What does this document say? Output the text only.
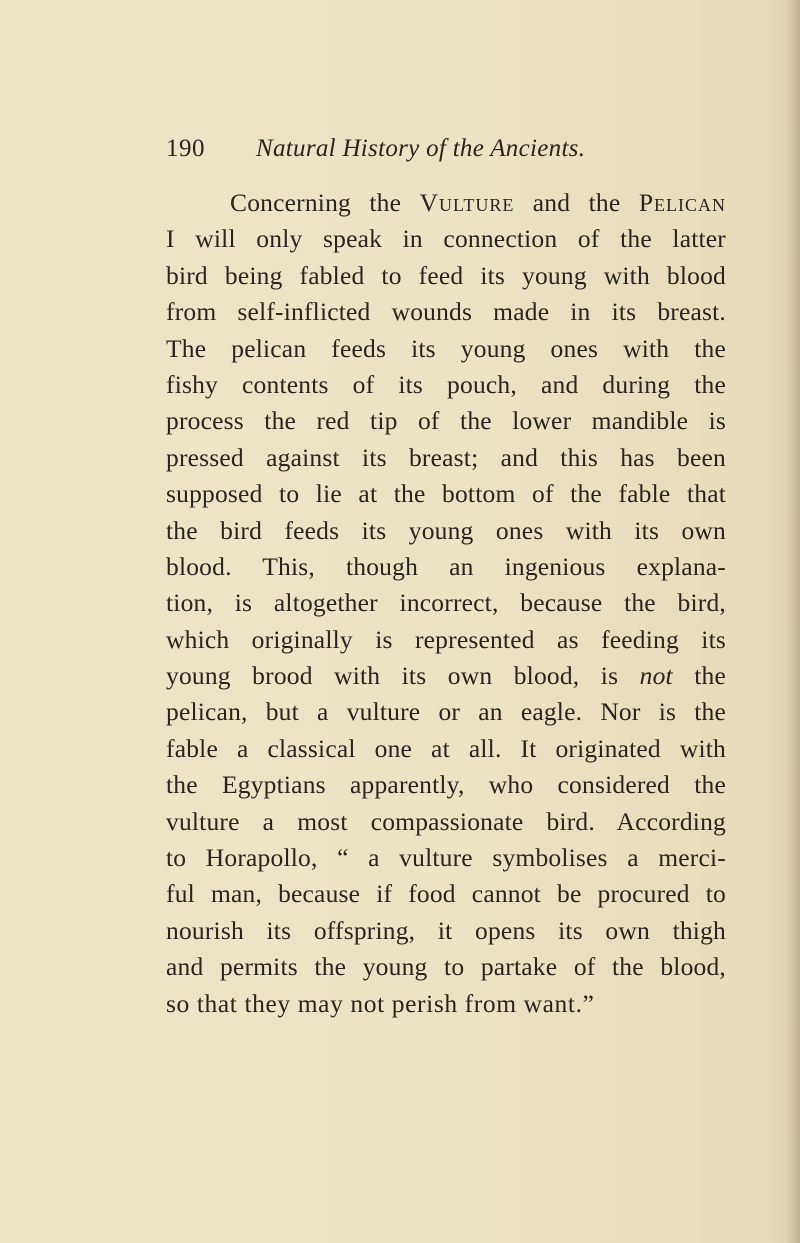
190 Natural History of the Ancients.
Concerning the Vulture and the Pelican
I will only speak in connection of the latter
bird being fabled to feed its young with blood
from self-inflicted wounds made in its breast.
The pelican feeds its young ones with the
fishy contents of its pouch, and during the
process the red tip of the lower mandible is
pressed against its breast; and this has been
supposed to lie at the bottom of the fable that
the bird feeds its young ones with its own
blood. This, though an ingenious explana-
tion, is altogether incorrect, because the bird,
which originally is represented as feeding its
young brood with its own blood, is not the
pelican, but a vulture or an eagle. Nor is the
fable a classical one at all. It originated with
the Egyptians apparently, who considered the
vulture a most compassionate bird. According
to Horapollo, “ a vulture symbolises a merci-
ful man, because if food cannot be procured to
nourish its offspring, it opens its own thigh
and permits the young to partake of the blood,
so that they may not perish from want.”
